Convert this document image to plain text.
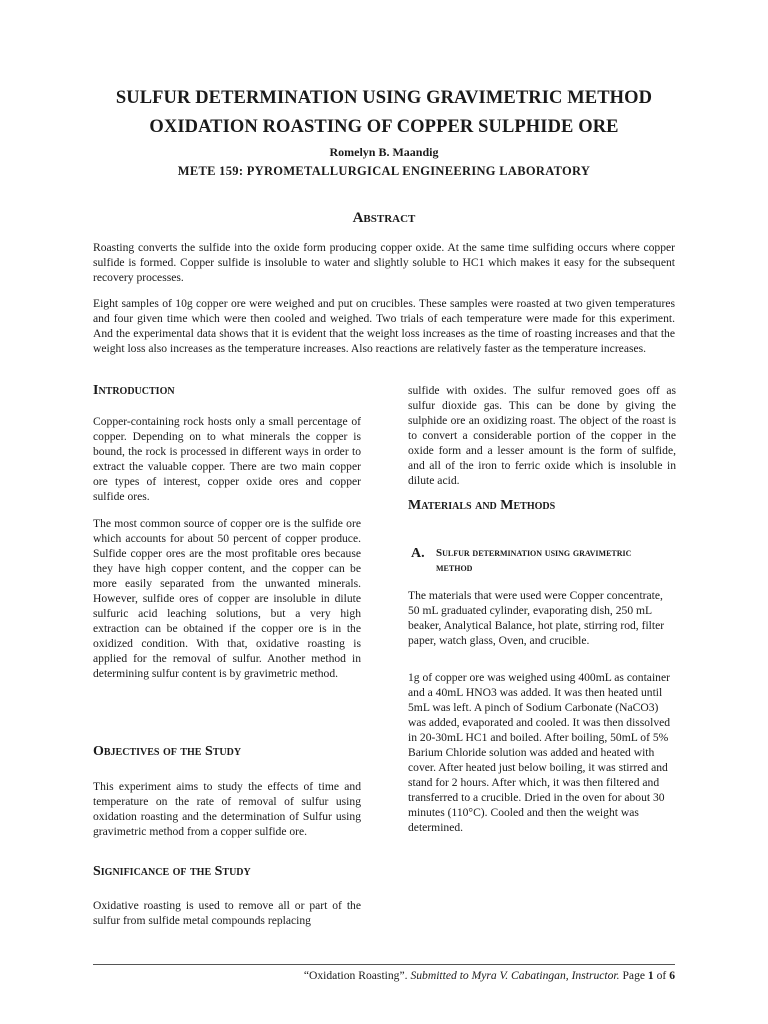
SULFUR DETERMINATION USING GRAVIMETRIC METHOD
OXIDATION ROASTING OF COPPER SULPHIDE ORE
Romelyn B. Maandig
METE 159: PYROMETALLURGICAL ENGINEERING LABORATORY
Abstract
Roasting converts the sulfide into the oxide form producing copper oxide. At the same time sulfiding occurs where copper sulfide is formed. Copper sulfide is insoluble to water and slightly soluble to HC1 which makes it easy for the subsequent recovery processes.
Eight samples of 10g copper ore were weighed and put on crucibles. These samples were roasted at two given temperatures and four given time which were then cooled and weighed. Two trials of each temperature were made for this experiment. And the experimental data shows that it is evident that the weight loss increases as the time of roasting increases and that the weight loss also increases as the temperature increases. Also reactions are relatively faster as the temperature increases.
Introduction
Copper-containing rock hosts only a small percentage of copper. Depending on to what minerals the copper is bound, the rock is processed in different ways in order to extract the valuable copper. There are two main copper ore types of interest, copper oxide ores and copper sulfide ores.
The most common source of copper ore is the sulfide ore which accounts for about 50 percent of copper produce. Sulfide copper ores are the most profitable ores because they have high copper content, and the copper can be more easily separated from the unwanted minerals. However, sulfide ores of copper are insoluble in dilute sulfuric acid leaching solutions, but a very high extraction can be obtained if the copper ore is in the oxidized condition. With that, oxidative roasting is applied for the removal of sulfur. Another method in determining sulfur content is by gravimetric method.
Objectives of the Study
This experiment aims to study the effects of time and temperature on the rate of removal of sulfur using oxidation roasting and the determination of Sulfur using gravimetric method from a copper sulfide ore.
Significance of the Study
Oxidative roasting is used to remove all or part of the sulfur from sulfide metal compounds replacing
sulfide with oxides. The sulfur removed goes off as sulfur dioxide gas. This can be done by giving the sulphide ore an oxidizing roast. The object of the roast is to convert a considerable portion of the copper in the oxide form and a lesser amount is the form of sulfide, and all of the iron to ferric oxide which is insoluble in dilute acid.
Materials and Methods
A. Sulfur determination using gravimetric method
The materials that were used were Copper concentrate, 50 mL graduated cylinder, evaporating dish, 250 mL beaker, Analytical Balance, hot plate, stirring rod, filter paper, watch glass, Oven, and crucible.
1g of copper ore was weighed using 400mL as container and a 40mL HNO3 was added. It was then heated until 5mL was left. A pinch of Sodium Carbonate (NaCO3) was added, evaporated and cooled. It was then dissolved in 20-30mL HC1 and boiled. After boiling, 50mL of 5% Barium Chloride solution was added and heated with cover. After heated just below boiling, it was stirred and stand for 2 hours. After which, it was then filtered and transferred to a crucible. Dried in the oven for about 30 minutes (110°C). Cooled and then the weight was determined.
“Oxidation Roasting”. Submitted to Myra V. Cabatingan, Instructor. Page 1 of 6
